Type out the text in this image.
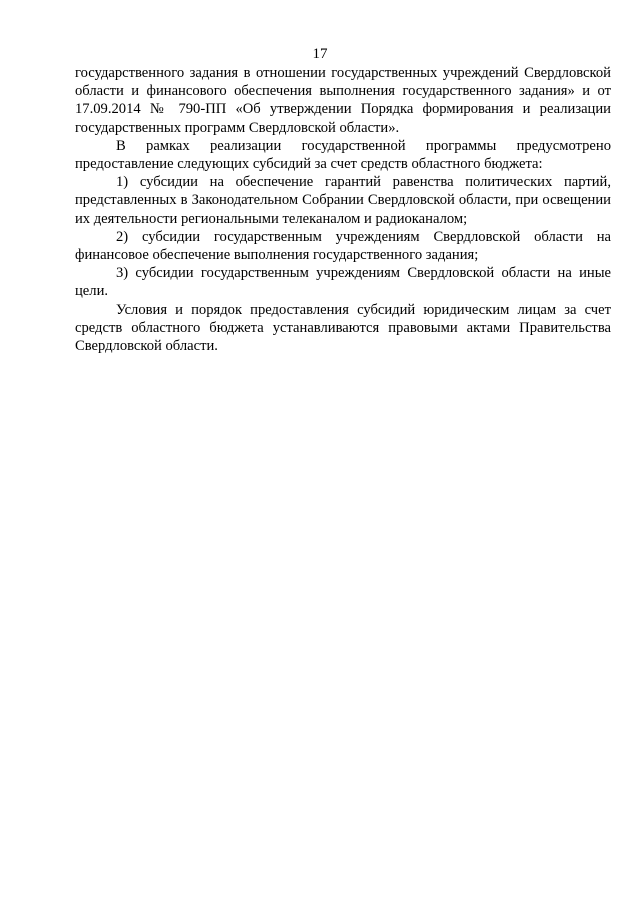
17

государственного задания в отношении государственных учреждений Свердловской области и финансового обеспечения выполнения государственного задания» и от 17.09.2014 № 790-ПП «Об утверждении Порядка формирования и реализации государственных программ Свердловской области».

В рамках реализации государственной программы предусмотрено предоставление следующих субсидий за счет средств областного бюджета:

1) субсидии на обеспечение гарантий равенства политических партий, представленных в Законодательном Собрании Свердловской области, при освещении их деятельности региональными телеканалом и радиоканалом;

2) субсидии государственным учреждениям Свердловской области на финансовое обеспечение выполнения государственного задания;

3) субсидии государственным учреждениям Свердловской области на иные цели.

Условия и порядок предоставления субсидий юридическим лицам за счет средств областного бюджета устанавливаются правовыми актами Правительства Свердловской области.
